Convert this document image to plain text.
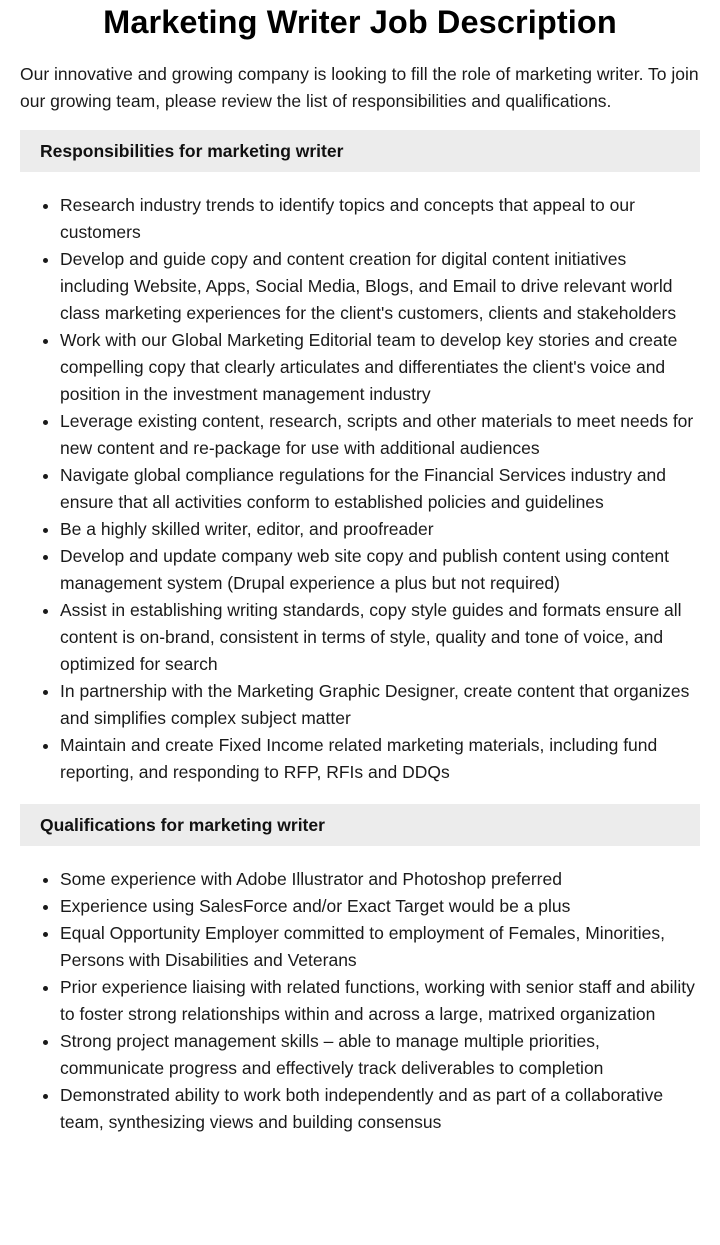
Marketing Writer Job Description

Our innovative and growing company is looking to fill the role of marketing writer. To join our growing team, please review the list of responsibilities and qualifications.

Responsibilities for marketing writer
• Research industry trends to identify topics and concepts that appeal to our customers
• Develop and guide copy and content creation for digital content initiatives including Website, Apps, Social Media, Blogs, and Email to drive relevant world class marketing experiences for the client's customers, clients and stakeholders
• Work with our Global Marketing Editorial team to develop key stories and create compelling copy that clearly articulates and differentiates the client's voice and position in the investment management industry
• Leverage existing content, research, scripts and other materials to meet needs for new content and re-package for use with additional audiences
• Navigate global compliance regulations for the Financial Services industry and ensure that all activities conform to established policies and guidelines
• Be a highly skilled writer, editor, and proofreader
• Develop and update company web site copy and publish content using content management system (Drupal experience a plus but not required)
• Assist in establishing writing standards, copy style guides and formats ensure all content is on-brand, consistent in terms of style, quality and tone of voice, and optimized for search
• In partnership with the Marketing Graphic Designer, create content that organizes and simplifies complex subject matter
• Maintain and create Fixed Income related marketing materials, including fund reporting, and responding to RFP, RFIs and DDQs
Qualifications for marketing writer
• Some experience with Adobe Illustrator and Photoshop preferred
• Experience using SalesForce and/or Exact Target would be a plus
• Equal Opportunity Employer committed to employment of Females, Minorities, Persons with Disabilities and Veterans
• Prior experience liaising with related functions, working with senior staff and ability to foster strong relationships within and across a large, matrixed organization
• Strong project management skills – able to manage multiple priorities, communicate progress and effectively track deliverables to completion
• Demonstrated ability to work both independently and as part of a collaborative team, synthesizing views and building consensus
